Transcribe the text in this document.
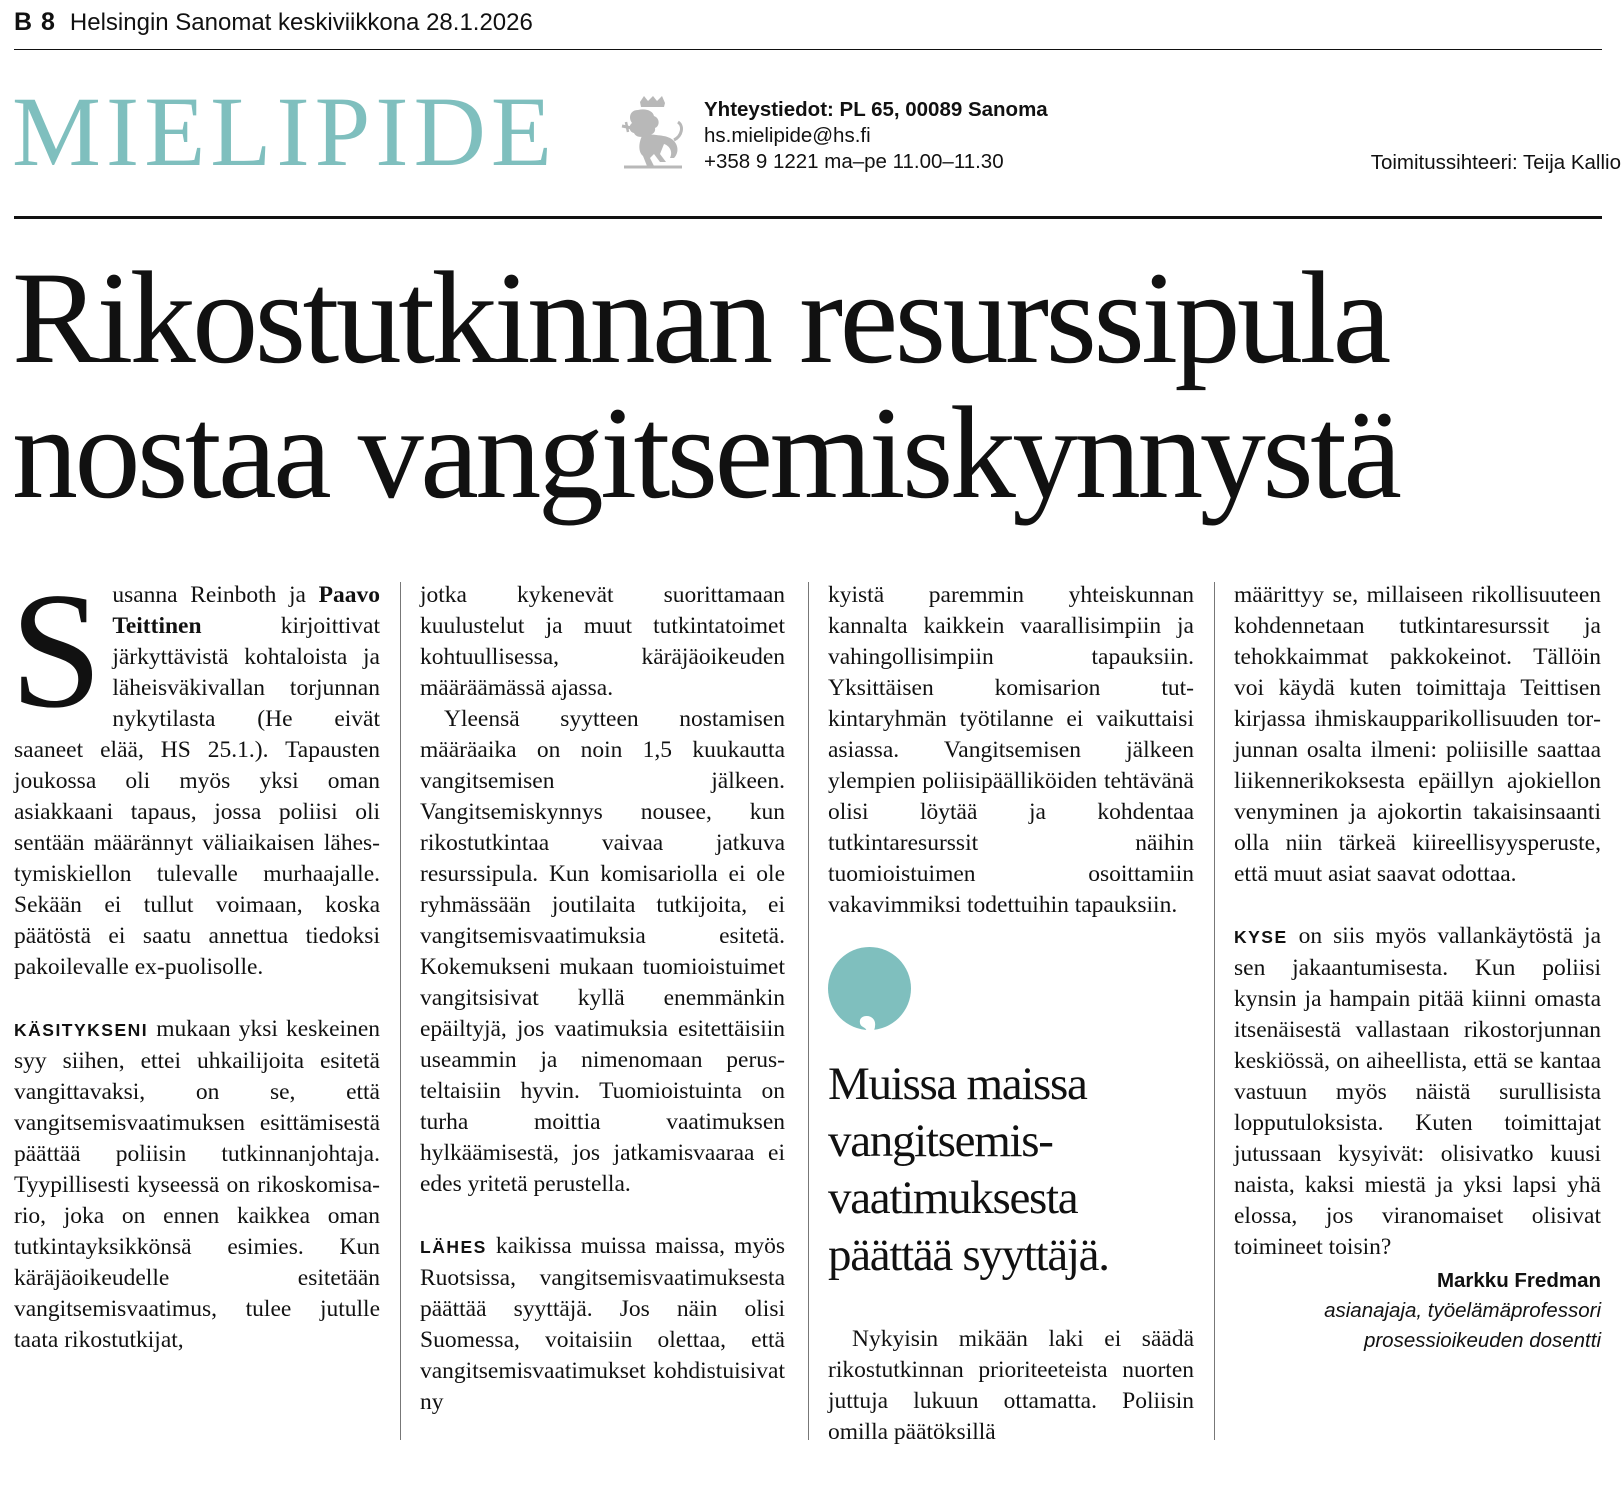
B 8 Helsingin Sanomat keskiviikkona 28.1.2026
MIELIPIDE	Yhteystiedot: PL 65, 00089 Sanoma
hs.mielipide@hs.fi
+358 9 1221 ma–pe 11.00–11.30	Toimitussihteeri: Teija Kallio
Rikostutkinnan resurssipula
nostaa vangitsemiskynnystä

Susanna Reinboth ja Paavo Teittinen kirjoittivat järkyttävistä kohtaloista ja läheisväkivallan torjunnan nykytilasta (He eivät saaneet elää, HS 25.1.). Tapausten joukossa oli myös yksi oman asiakkaani tapaus, jossa poliisi oli sentään määrännyt väliaikaisen lähestymiskiellon tulevalle murhaajalle. Sekään ei tullut voimaan, koska päätöstä ei saatu annettua tiedoksi pakoilevalle ex-puolisolle.

KÄSITYKSENI mukaan yksi keskeinen syy siihen, ettei uhkailijoita esitetä vangittavaksi, on se, että vangitsemisvaatimuksen esittämisestä päättää poliisin tutkinnanjohtaja. Tyypillisesti kyseessä on rikoskomisario, joka on ennen kaikkea oman tutkintayksikkönsä esimies. Kun käräjäoikeudelle esitetään vangitsemisvaatimus, tulee jutulle taata rikostutkijat,

jotka kykenevät suorittamaan kuulustelut ja muut tutkintatoimet kohtuullisessa, käräjäoikeuden määräämässä ajassa.

Yleensä syytteen nostamisen määräaika on noin 1,5 kuukautta vangitsemisen jälkeen. Vangitsemiskynnys nousee, kun rikostutkintaa vaivaa jatkuva resurssipula. Kun komisariolla ei ole ryhmässään joutilaita tutkijoita, ei vangitsemisvaatimuksia esitetä. Kokemukseni mukaan tuomioistuimet vangitsisivat kyllä enemmänkin epäiltyjä, jos vaatimuksia esitettäisiin useammin ja nimenomaan perusteltaisiin hyvin. Tuomioistuinta on turha moittia vaatimuksen hylkäämisestä, jos jatkamisvaaraa ei edes yritetä perustella.

LÄHES kaikissa muissa maissa, myös Ruotsissa, vangitsemisvaatimuksesta päättää syyttäjä. Jos näin olisi Suomessa, voitaisiin olettaa, että vangitsemisvaatimukset kohdistuisivat ny

kyistä paremmin yhteiskunnan kannalta kaikkein vaarallisimpiin ja vahingollisimpiin tapauksiin. Yksittäisen komisarion tutkintaryhmän työtilanne ei vaikuttaisi asiassa. Vangitsemisen jälkeen ylempien poliisipäälliköiden tehtävänä olisi löytää ja kohdentaa tutkintaresurssit näihin tuomioistuimen osoittamiin vakavimmiksi todettuihin tapauksiin.

,
Muissa maissa
vangitsemis-
vaatimuksesta
päättää syyttäjä.

Nykyisin mikään laki ei säädä rikostutkinnan prioriteeteista nuorten juttuja lukuun ottamatta. Poliisin omilla päätöksillä

määrittyy se, millaiseen rikollisuuteen kohdennetaan tutkintaresurssit ja tehokkaimmat pakkokeinot. Tällöin voi käydä kuten toimittaja Teittisen kirjassa ihmiskaupparikollisuuden torjunnan osalta ilmeni: poliisille saattaa liikennerikoksesta epäillyn ajokiellon venyminen ja ajokortin takaisinsaanti olla niin tärkeä kiireellisyysperuste, että muut asiat saavat odottaa.

KYSE on siis myös vallankäytöstä ja sen jakaantumisesta. Kun poliisi kynsin ja hampain pitää kiinni omasta itsenäisestä vallastaan rikostorjunnan keskiössä, on aiheellista, että se kantaa vastuun myös näistä surullisista lopputuloksista. Kuten toimittajat jutussaan kysyivät: olisivatko kuusi naista, kaksi miestä ja yksi lapsi yhä elossa, jos viranomaiset olisivat toimineet toisin?

Markku Fredman
asianajaja, työelämäprofessori
prosessioikeuden dosentti
